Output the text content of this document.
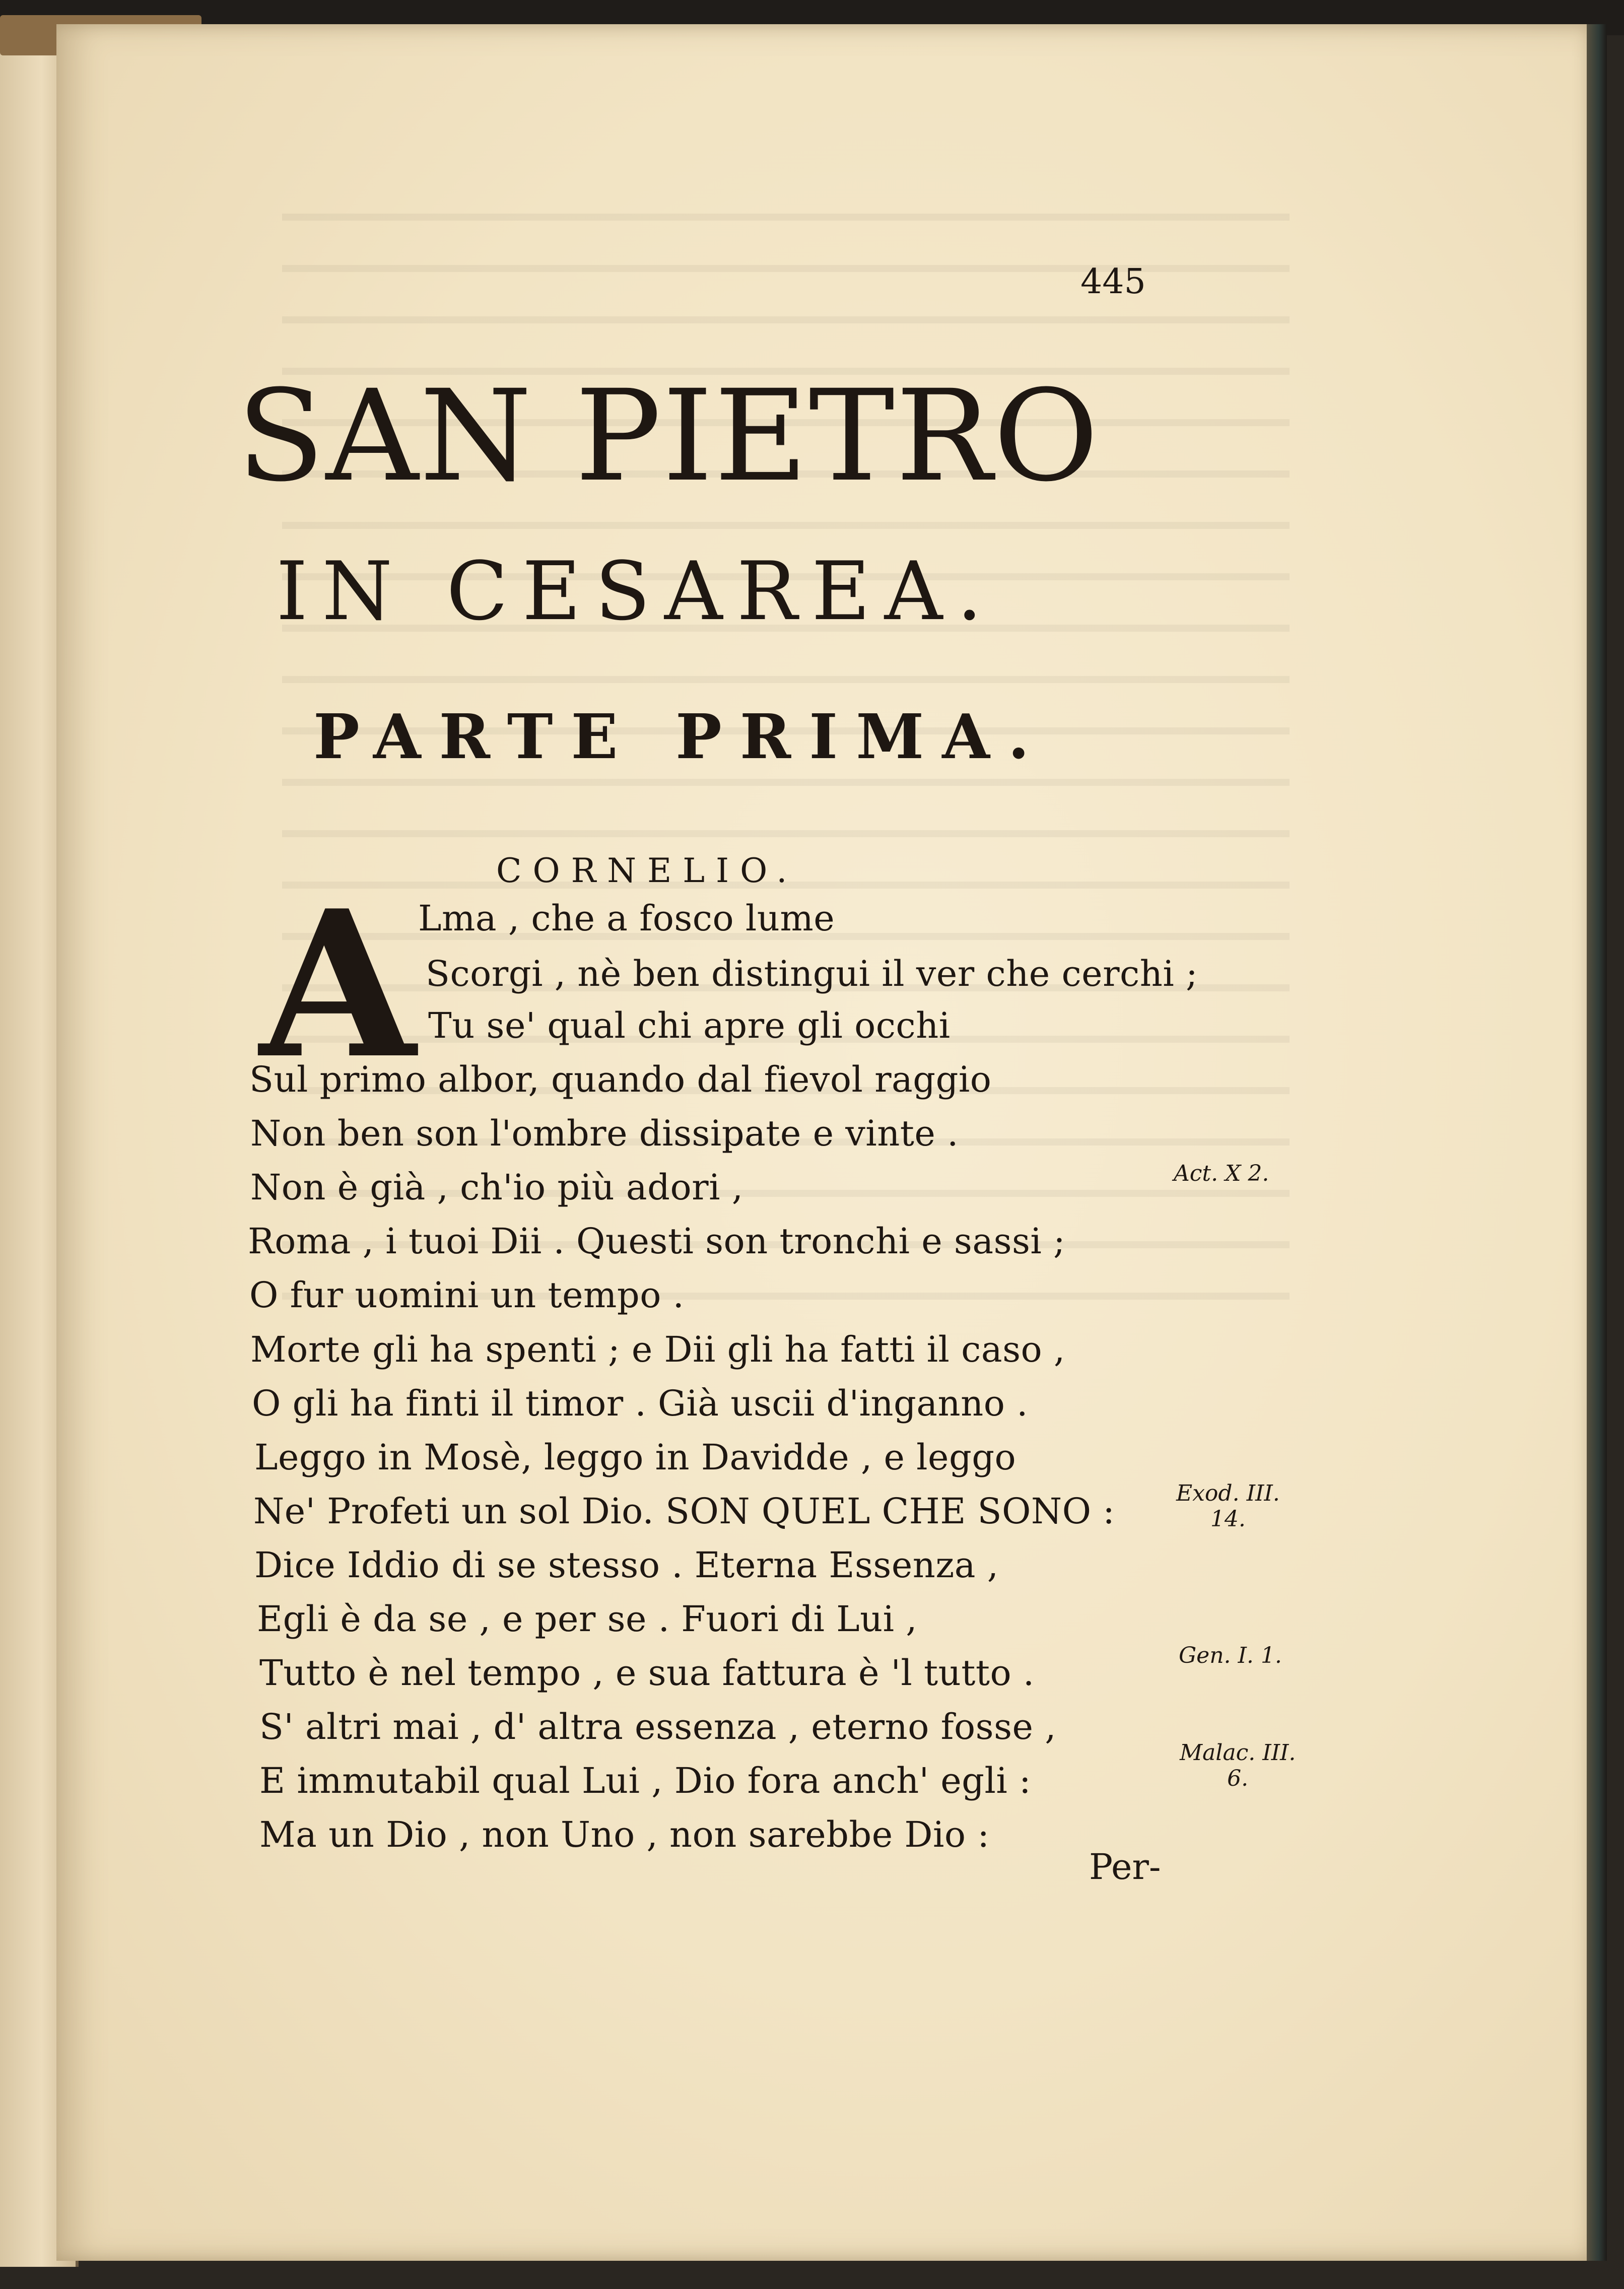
445
SAN PIETRO
IN CESAREA.
PARTE PRIMA.
CORNELIO.
A Lma , che a fosco lume
Scorgi , nè ben distingui il ver che cerchi ;
Tu se' qual chi apre gli occhi
Sul primo albor, quando dal fievol raggio
Non ben son l'ombre dissipate e vinte .
Non è già , ch'io più adori ,
Roma , i tuoi Dii . Questi son tronchi e sassi ;
O fur uomini un tempo .
Morte gli ha spenti ; e Dii gli ha fatti il caso ,
O gli ha finti il timor . Già uscii d'inganno .
Leggo in Mosè, leggo in Davidde , e leggo
Ne' Profeti un sol Dio. SON QUEL CHE SONO :
Dice Iddio di se stesso . Eterna Essenza ,
Egli è da se , e per se . Fuori di Lui ,
Tutto è nel tempo , e sua fattura è 'l tutto .
S' altri mai , d' altra essenza , eterno fosse ,
E immutabil qual Lui , Dio fora anch' egli :
Ma un Dio , non Uno , non sarebbe Dio :
Act. X 2.
Exod. III.
14.
Gen. I. 1.
Malac. III.
6.
Per-
